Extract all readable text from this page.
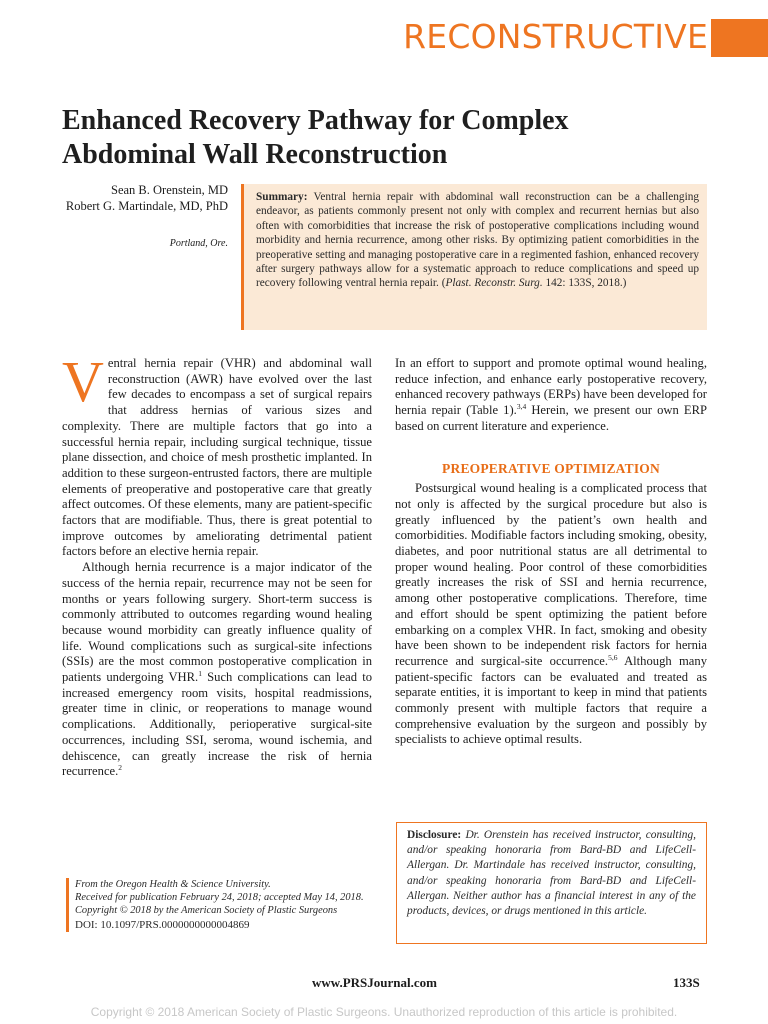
RECONSTRUCTIVE
Enhanced Recovery Pathway for Complex Abdominal Wall Reconstruction
Sean B. Orenstein, MD
Robert G. Martindale, MD, PhD
Portland, Ore.
Summary: Ventral hernia repair with abdominal wall reconstruction can be a challenging endeavor, as patients commonly present not only with complex and recurrent hernias but also often with comorbidities that increase the risk of postoperative complications including wound morbidity and hernia recurrence, among other risks. By optimizing patient comorbidities in the preoperative setting and managing postoperative care in a regimented fashion, enhanced recovery after surgery pathways allow for a systematic approach to reduce complications and speed up recovery following ventral hernia repair. (Plast. Reconstr. Surg. 142: 133S, 2018.)

Ventral hernia repair (VHR) and abdominal wall reconstruction (AWR) have evolved over the last few decades to encompass a set of surgical repairs that address hernias of various sizes and complexity. There are multiple factors that go into a successful hernia repair, including surgical technique, tissue plane dissection, and choice of mesh prosthetic implanted. In addition to these surgeon-entrusted factors, there are multiple elements of preoperative and postoperative care that greatly affect outcomes. Of these elements, many are patient-specific factors that are modifiable. Thus, there is great potential to improve outcomes by ameliorating detrimental patient factors before an elective hernia repair.

Although hernia recurrence is a major indicator of the success of the hernia repair, recurrence may not be seen for months or years following surgery. Short-term success is commonly attributed to outcomes regarding wound healing because wound morbidity can greatly influence quality of life. Wound complications such as surgical-site infections (SSIs) are the most common postoperative complication in patients undergoing VHR.$^1$ Such complications can lead to increased emergency room visits, hospital readmissions, greater time in clinic, or reoperations to manage wound complications. Additionally, perioperative surgical-site occurrences, including SSI, seroma, wound ischemia, and dehiscence, can greatly increase the risk of hernia recurrence.$^2$

In an effort to support and promote optimal wound healing, reduce infection, and enhance early postoperative recovery, enhanced recovery pathways (ERPs) have been developed for hernia repair (Table 1).$^{3,4}$ Herein, we present our own ERP based on current literature and experience.

PREOPERATIVE OPTIMIZATION

Postsurgical wound healing is a complicated process that not only is affected by the surgical procedure but also is greatly influenced by the patient’s own health and comorbidities. Modifiable factors including smoking, obesity, diabetes, and poor nutritional status are all detrimental to proper wound healing. Poor control of these comorbidities greatly increases the risk of SSI and hernia recurrence, among other postoperative complications. Therefore, time and effort should be spent optimizing the patient before embarking on a complex VHR. In fact, smoking and obesity have been shown to be independent risk factors for hernia recurrence and surgical-site occurrence.$^{5,6}$ Although many patient-specific factors can be evaluated and treated as separate entities, it is important to keep in mind that patients commonly present with multiple factors that require a comprehensive evaluation by the surgeon and possibly by specialists to achieve optimal results.

Disclosure: Dr. Orenstein has received instructor, consulting, and/or speaking honoraria from Bard-BD and LifeCell-Allergan. Dr. Martindale has received instructor, consulting, and/or speaking honoraria from Bard-BD and LifeCell-Allergan. Neither author has a financial interest in any of the products, devices, or drugs mentioned in this article.
From the Oregon Health & Science University.
Received for publication February 24, 2018; accepted May 14, 2018.
Copyright © 2018 by the American Society of Plastic Surgeons
DOI: 10.1097/PRS.0000000000004869
www.PRSJournal.com	133S
Copyright © 2018 American Society of Plastic Surgeons. Unauthorized reproduction of this article is prohibited.
